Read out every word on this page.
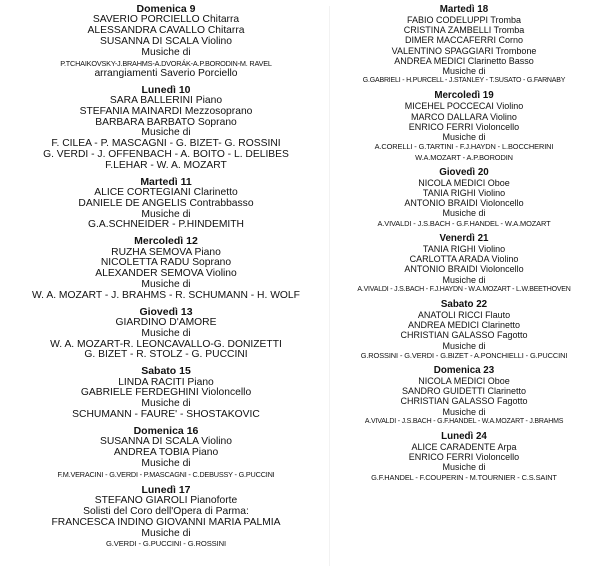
Domenica 9
SAVERIO PORCIELLO Chitarra
ALESSANDRA CAVALLO Chitarra
SUSANNA DI SCALA Violino
Musiche di
P.TCHAIKOVSKY-J.BRAHMS-A.DVORÁK-A.P.BORODIN-M. RAVEL
arrangiamenti Saverio Porciello
Lunedì 10
SARA BALLERINI Piano
STEFANIA MAINARDI Mezzosoprano
BARBARA BARBATO Soprano
Musiche di
F. CILEA - P. MASCAGNI - G. BIZET- G. ROSSINI
G. VERDI - J. OFFENBACH - A. BOITO - L. DELIBES
F.LEHAR - W. A. MOZART
Martedì 11
ALICE CORTEGIANI Clarinetto
DANIELE DE ANGELIS Contrabbasso
Musiche di
G.A.SCHNEIDER - P.HINDEMITH
Mercoledì 12
RUZHA SEMOVA Piano
NICOLETTA RADU Soprano
ALEXANDER SEMOVA Violino
Musiche di
W. A. MOZART - J. BRAHMS - R. SCHUMANN - H. WOLF
Giovedì 13
GIARDINO D'AMORE
Musiche di
W. A. MOZART-R. LEONCAVALLO-G. DONIZETTI
G. BIZET - R. STOLZ - G. PUCCINI
Sabato 15
LINDA RACITI Piano
GABRIELE FERDEGHINI Violoncello
Musiche di
SCHUMANN - FAURE' - SHOSTAKOVIC
Domenica 16
SUSANNA DI SCALA Violino
ANDREA TOBIA Piano
Musiche di
F.M.VERACINI - G.VERDI - P.MASCAGNI - C.DEBUSSY - G.PUCCINI
Lunedì 17
STEFANO GIAROLI Pianoforte
Solisti del Coro dell'Opera di Parma:
FRANCESCA INDINO GIOVANNI MARIA PALMIA
Musiche di
G.VERDI - G.PUCCINI - G.ROSSINI
Martedì 18
FABIO CODELUPPI Tromba
CRISTINA ZAMBELLI Tromba
DIMER MACCAFERRI Corno
VALENTINO SPAGGIARI Trombone
ANDREA MEDICI Clarinetto Basso
Musiche di
G.GABRIELI - H.PURCELL - J.STANLEY - T.SUSATO - G.FARNABY
Mercoledì 19
MICEHEL POCCECAI Violino
MARCO DALLARA Violino
ENRICO FERRI Violoncello
Musiche di
A.CORELLI - G.TARTINI - F.J.HAYDN - L.BOCCHERINI
W.A.MOZART - A.P.BORODIN
Giovedì 20
NICOLA MEDICI Oboe
TANIA RIGHI Violino
ANTONIO BRAIDI Violoncello
Musiche di
A.VIVALDI - J.S.BACH - G.F.HANDEL - W.A.MOZART
Venerdì 21
TANIA RIGHI Violino
CARLOTTA ARADA Violino
ANTONIO BRAIDI Violoncello
Musiche di
A.VIVALDI - J.S.BACH - F.J.HAYDN - W.A.MOZART - L.W.BEETHOVEN
Sabato 22
ANATOLI RICCI Flauto
ANDREA MEDICI Clarinetto
CHRISTIAN GALASSO Fagotto
Musiche di
G.ROSSINI - G.VERDI - G.BIZET - A.PONCHIELLI - G.PUCCINI
Domenica 23
NICOLA MEDICI Oboe
SANDRO GUIDETTI Clarinetto
CHRISTIAN GALASSO Fagotto
Musiche di
A.VIVALDI - J.S.BACH - G.F.HANDEL - W.A.MOZART - J.BRAHMS
Lunedì 24
ALICE CARADENTE Arpa
ENRICO FERRI Violoncello
Musiche di
G.F.HANDEL - F.COUPERIN - M.TOURNIER - C.S.SAINT
